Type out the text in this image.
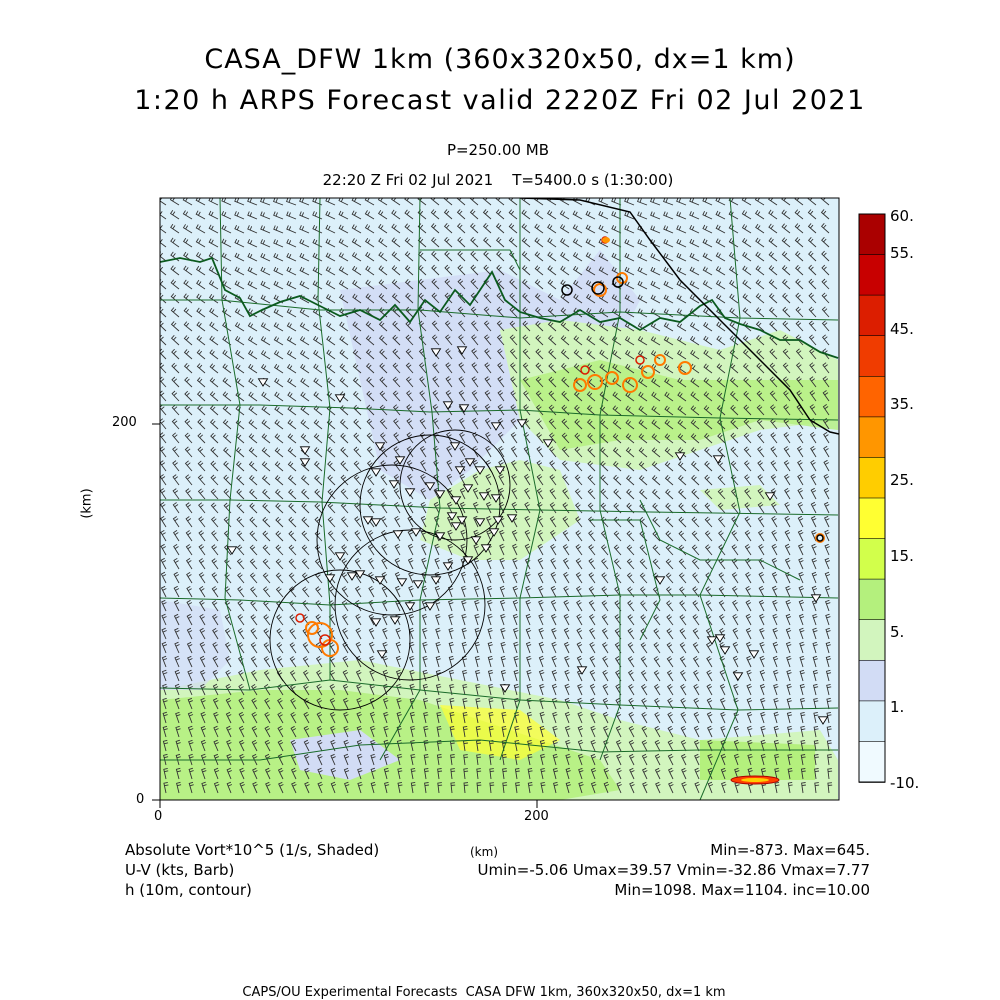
CASA_DFW 1km (360x320x50, dx=1 km)
1:20 h ARPS Forecast valid 2220Z Fri 02 Jul 2021
P=250.00 MB
22:20 Z Fri 02 Jul 2021    T=5400.0 s (1:30:00)
200
0
0	200
(km)
60.
55.
45.
35.
25.
15.
5.
1.
-10.
Absolute Vort*10^5 (1/s, Shaded)	(km)	Min=-873. Max=645.
U-V (kts, Barb)	Umin=-5.06 Umax=39.57 Vmin=-32.86 Vmax=7.77
h (10m, contour)	Min=1098. Max=1104. inc=10.00
CAPS/OU Experimental Forecasts  CASA DFW 1km, 360x320x50, dx=1 km
